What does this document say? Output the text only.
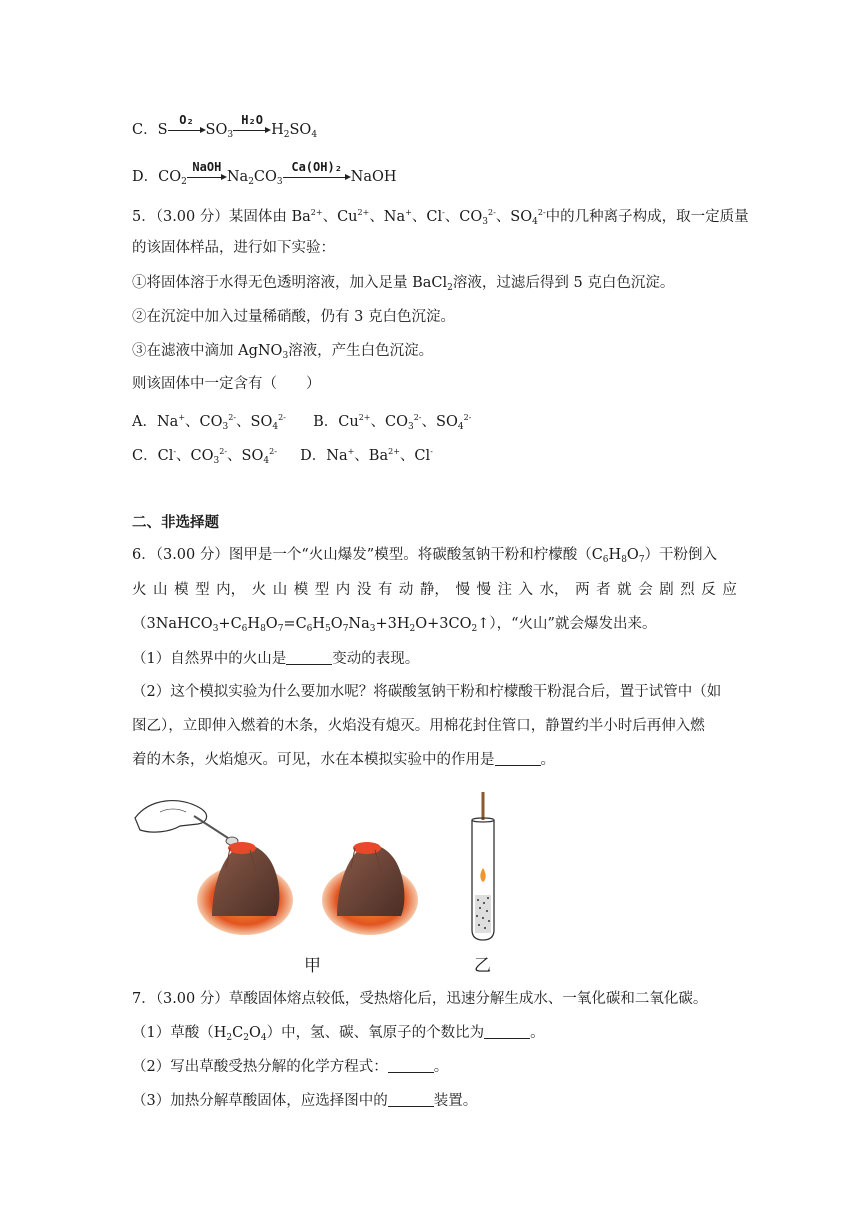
C．S
O₂
$SO_3$
H₂O
$H_2SO_4$
D．$CO_2$
NaOH
$Na_2CO_3$
Ca(OH)₂
NaOH
5．（3.00 分）某固体由 $Ba^{2+}$、$Cu^{2+}$、Na+、Cl-、$CO_3^{2-}$、$SO_4^{2-}$中的几种离子构成，取一定质量
的该固体样品，进行如下实验：
①将固体溶于水得无色透明溶液，加入足量 BaCl$_2$溶液，过滤后得到 5 克白色沉淀。
②在沉淀中加入过量稀硝酸，仍有 3 克白色沉淀。
③在滤液中滴加 AgNO$_3$溶液，产生白色沉淀。
则该固体中一定含有（　　）
A．Na+、$CO_3^{2-}$、$SO_4^{2-}$ B．$Cu^{2+}$、$CO_3^{2-}$、$SO_4^{2-}$
C．Cl-、$CO_3^{2-}$、$SO_4^{2-}$ D．Na+、$Ba^{2+}$、Cl-
二、非选择题
6．（3.00 分）图甲是一个“火山爆发”模型。将碳酸氢钠干粉和柠檬酸$(C_6H_8O_7)$干粉倒入
火 山 模 型 内， 火 山 模 型 内 没 有 动 静， 慢 慢 注 入 水， 两 者 就 会 剧 烈 反 应
$(3NaHCO_3+C_6H_8O_7=C_6H_5O_7Na_3+3H_2O+3CO_2↑)$，“火山”就会爆发出来。
（1）自然界中的火山是	变动的表现。
（2）这个模拟实验为什么要加水呢？将碳酸氢钠干粉和柠檬酸干粉混合后，置于试管中（如
图乙），立即伸入燃着的木条，火焰没有熄灭。用棉花封住管口，静置约半小时后再伸入燃
着的木条，火焰熄灭。可见，水在本模拟实验中的作用是	。
甲	乙
7．（3.00 分）草酸固体熔点较低，受热熔化后，迅速分解生成水、一氧化碳和二氧化碳。
（1）草酸$(H_2C_2O_4)$中，氢、碳、氧原子的个数比为	。
（2）写出草酸受热分解的化学方程式：	。
（3）加热分解草酸固体，应选择图中的	装置。
